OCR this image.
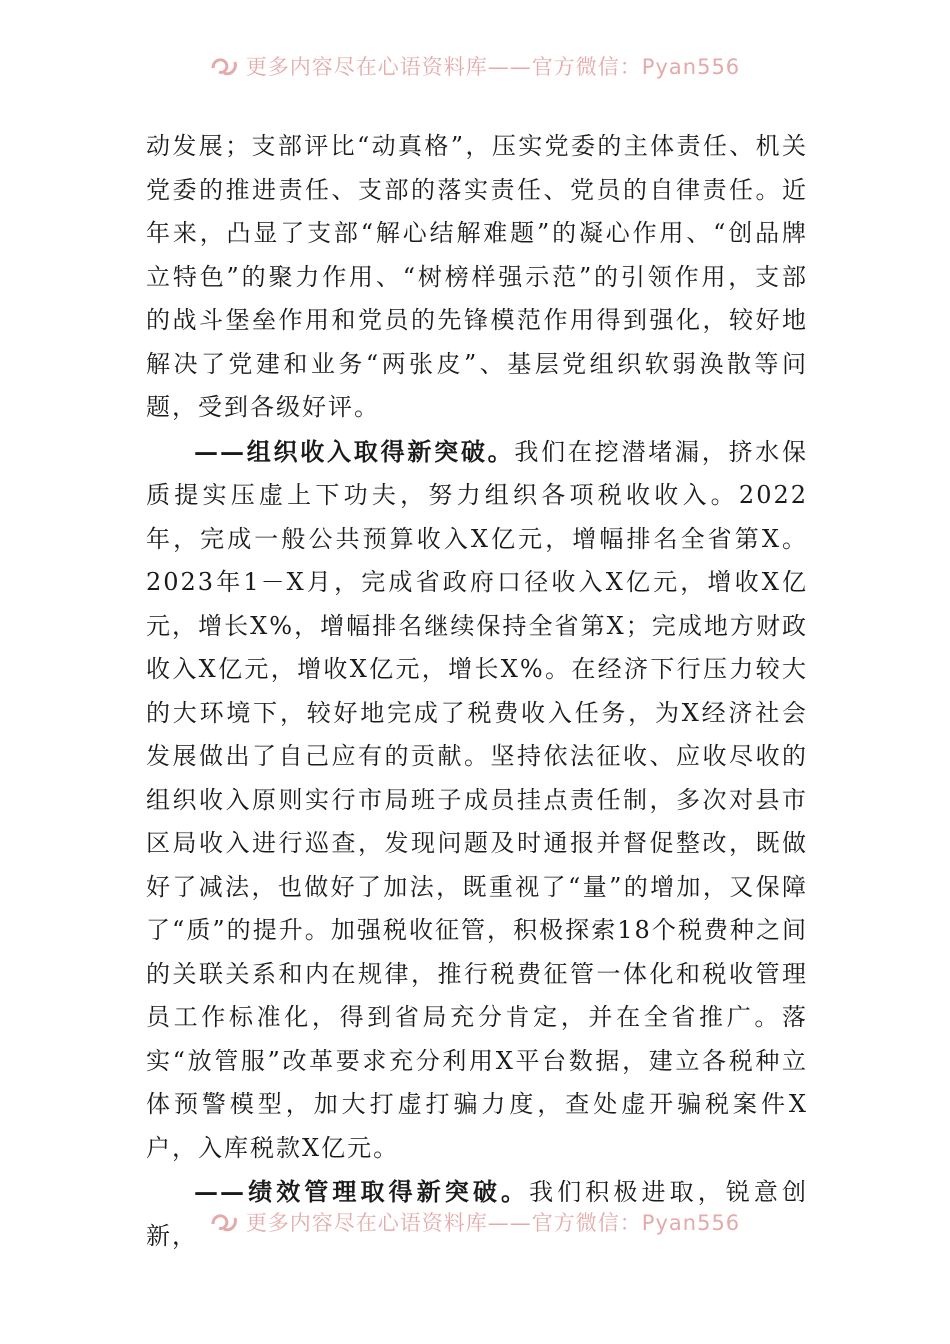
更多内容尽在心语资料库——官方微信：Pyan556

动发展；支部评比“动真格”，压实党委的主体责任、机关党委的推进责任、支部的落实责任、党员的自律责任。近年来，凸显了支部“解心结解难题”的凝心作用、“创品牌立特色”的聚力作用、“树榜样强示范”的引领作用，支部的战斗堡垒作用和党员的先锋模范作用得到强化，较好地解决了党建和业务“两张皮”、基层党组织软弱涣散等问题，受到各级好评。

——组织收入取得新突破。我们在挖潜堵漏，挤水保质提实压虚上下功夫，努力组织各项税收收入。2022年，完成一般公共预算收入X亿元，增幅排名全省第X。2023年1－X月，完成省政府口径收入X亿元，增收X亿元，增长X%，增幅排名继续保持全省第X；完成地方财政收入X亿元，增收X亿元，增长X%。在经济下行压力较大的大环境下，较好地完成了税费收入任务，为X经济社会发展做出了自己应有的贡献。坚持依法征收、应收尽收的组织收入原则实行市局班子成员挂点责任制，多次对县市区局收入进行巡查，发现问题及时通报并督促整改，既做好了减法，也做好了加法，既重视了“量”的增加，又保障了“质”的提升。加强税收征管，积极探索18个税费种之间的关联关系和内在规律，推行税费征管一体化和税收管理员工作标准化，得到省局充分肯定，并在全省推广。落实“放管服”改革要求充分利用X平台数据，建立各税种立体预警模型，加大打虚打骗力度，查处虚开骗税案件X户，入库税款X亿元。

——绩效管理取得新突破。我们积极进取，锐意创新，	更多内容尽在心语资料库——官方微信：Pyan556
